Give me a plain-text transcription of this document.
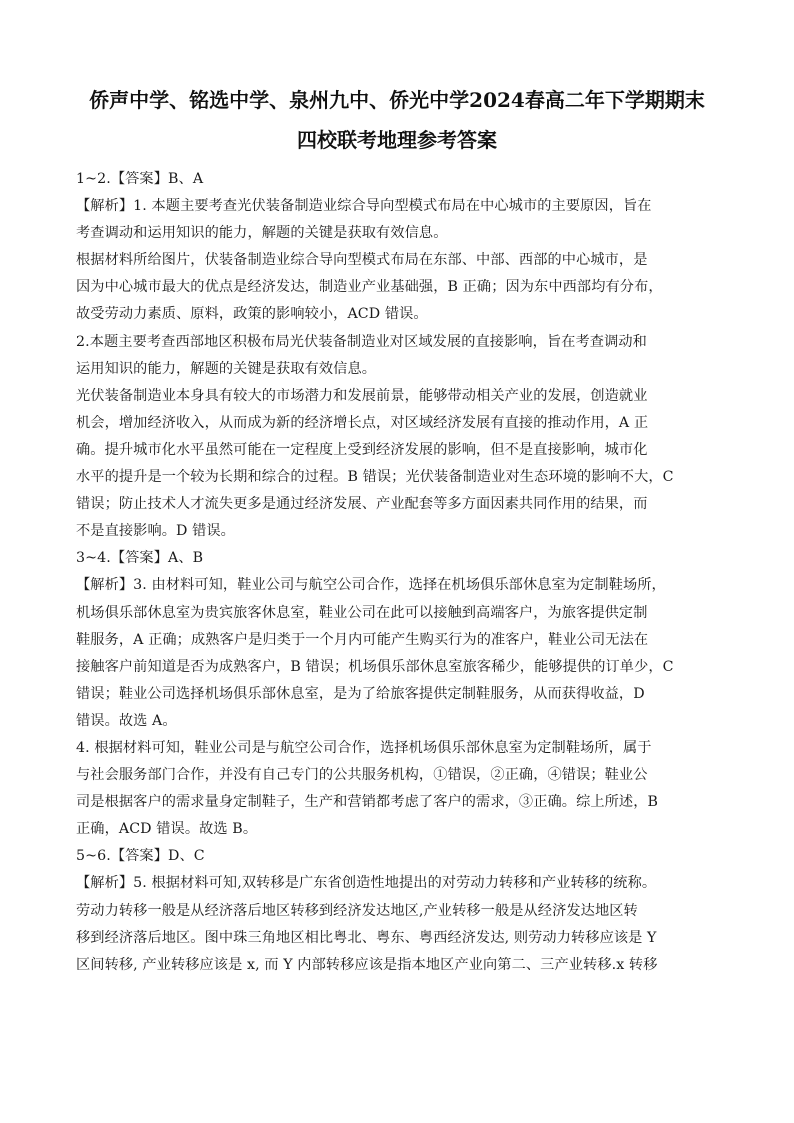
侨声中学、铭选中学、泉州九中、侨光中学2024春高二年下学期期末
四校联考地理参考答案
1~2.【答案】B、A
【解析】1. 本题主要考查光伏装备制造业综合导向型模式布局在中心城市的主要原因，旨在
考查调动和运用知识的能力，解题的关键是获取有效信息。
根据材料所给图片，伏装备制造业综合导向型模式布局在东部、中部、西部的中心城市，是
因为中心城市最大的优点是经济发达，制造业产业基础强，B 正确；因为东中西部均有分布，
故受劳动力素质、原料，政策的影响较小，ACD 错误。
2.本题主要考查西部地区积极布局光伏装备制造业对区域发展的直接影响，旨在考查调动和
运用知识的能力，解题的关键是获取有效信息。
光伏装备制造业本身具有较大的市场潜力和发展前景，能够带动相关产业的发展，创造就业
机会，增加经济收入，从而成为新的经济增长点，对区域经济发展有直接的推动作用，A 正
确。提升城市化水平虽然可能在一定程度上受到经济发展的影响，但不是直接影响，城市化
水平的提升是一个较为长期和综合的过程。B 错误；光伏装备制造业对生态环境的影响不大，C
错误；防止技术人才流失更多是通过经济发展、产业配套等多方面因素共同作用的结果，而
不是直接影响。D 错误。
3~4.【答案】A、B
【解析】3. 由材料可知，鞋业公司与航空公司合作，选择在机场俱乐部休息室为定制鞋场所，
机场俱乐部休息室为贵宾旅客休息室，鞋业公司在此可以接触到高端客户，为旅客提供定制
鞋服务，A 正确；成熟客户是归类于一个月内可能产生购买行为的准客户，鞋业公司无法在
接触客户前知道是否为成熟客户，B 错误；机场俱乐部休息室旅客稀少，能够提供的订单少，C
错误；鞋业公司选择机场俱乐部休息室，是为了给旅客提供定制鞋服务，从而获得收益，D
错误。故选 A。
4. 根据材料可知，鞋业公司是与航空公司合作，选择机场俱乐部休息室为定制鞋场所，属于
与社会服务部门合作，并没有自己专门的公共服务机构，①错误，②正确，④错误；鞋业公
司是根据客户的需求量身定制鞋子，生产和营销都考虑了客户的需求，③正确。综上所述，B
正确，ACD 错误。故选 B。
5~6.【答案】D、C
【解析】5. 根据材料可知,双转移是广东省创造性地提出的对劳动力转移和产业转移的统称。
劳动力转移一般是从经济落后地区转移到经济发达地区,产业转移一般是从经济发达地区转
移到经济落后地区。图中珠三角地区相比粤北、粤东、粤西经济发达, 则劳动力转移应该是 Y
区间转移, 产业转移应该是 x, 而 Y 内部转移应该是指本地区产业向第二、三产业转移.x 转移
